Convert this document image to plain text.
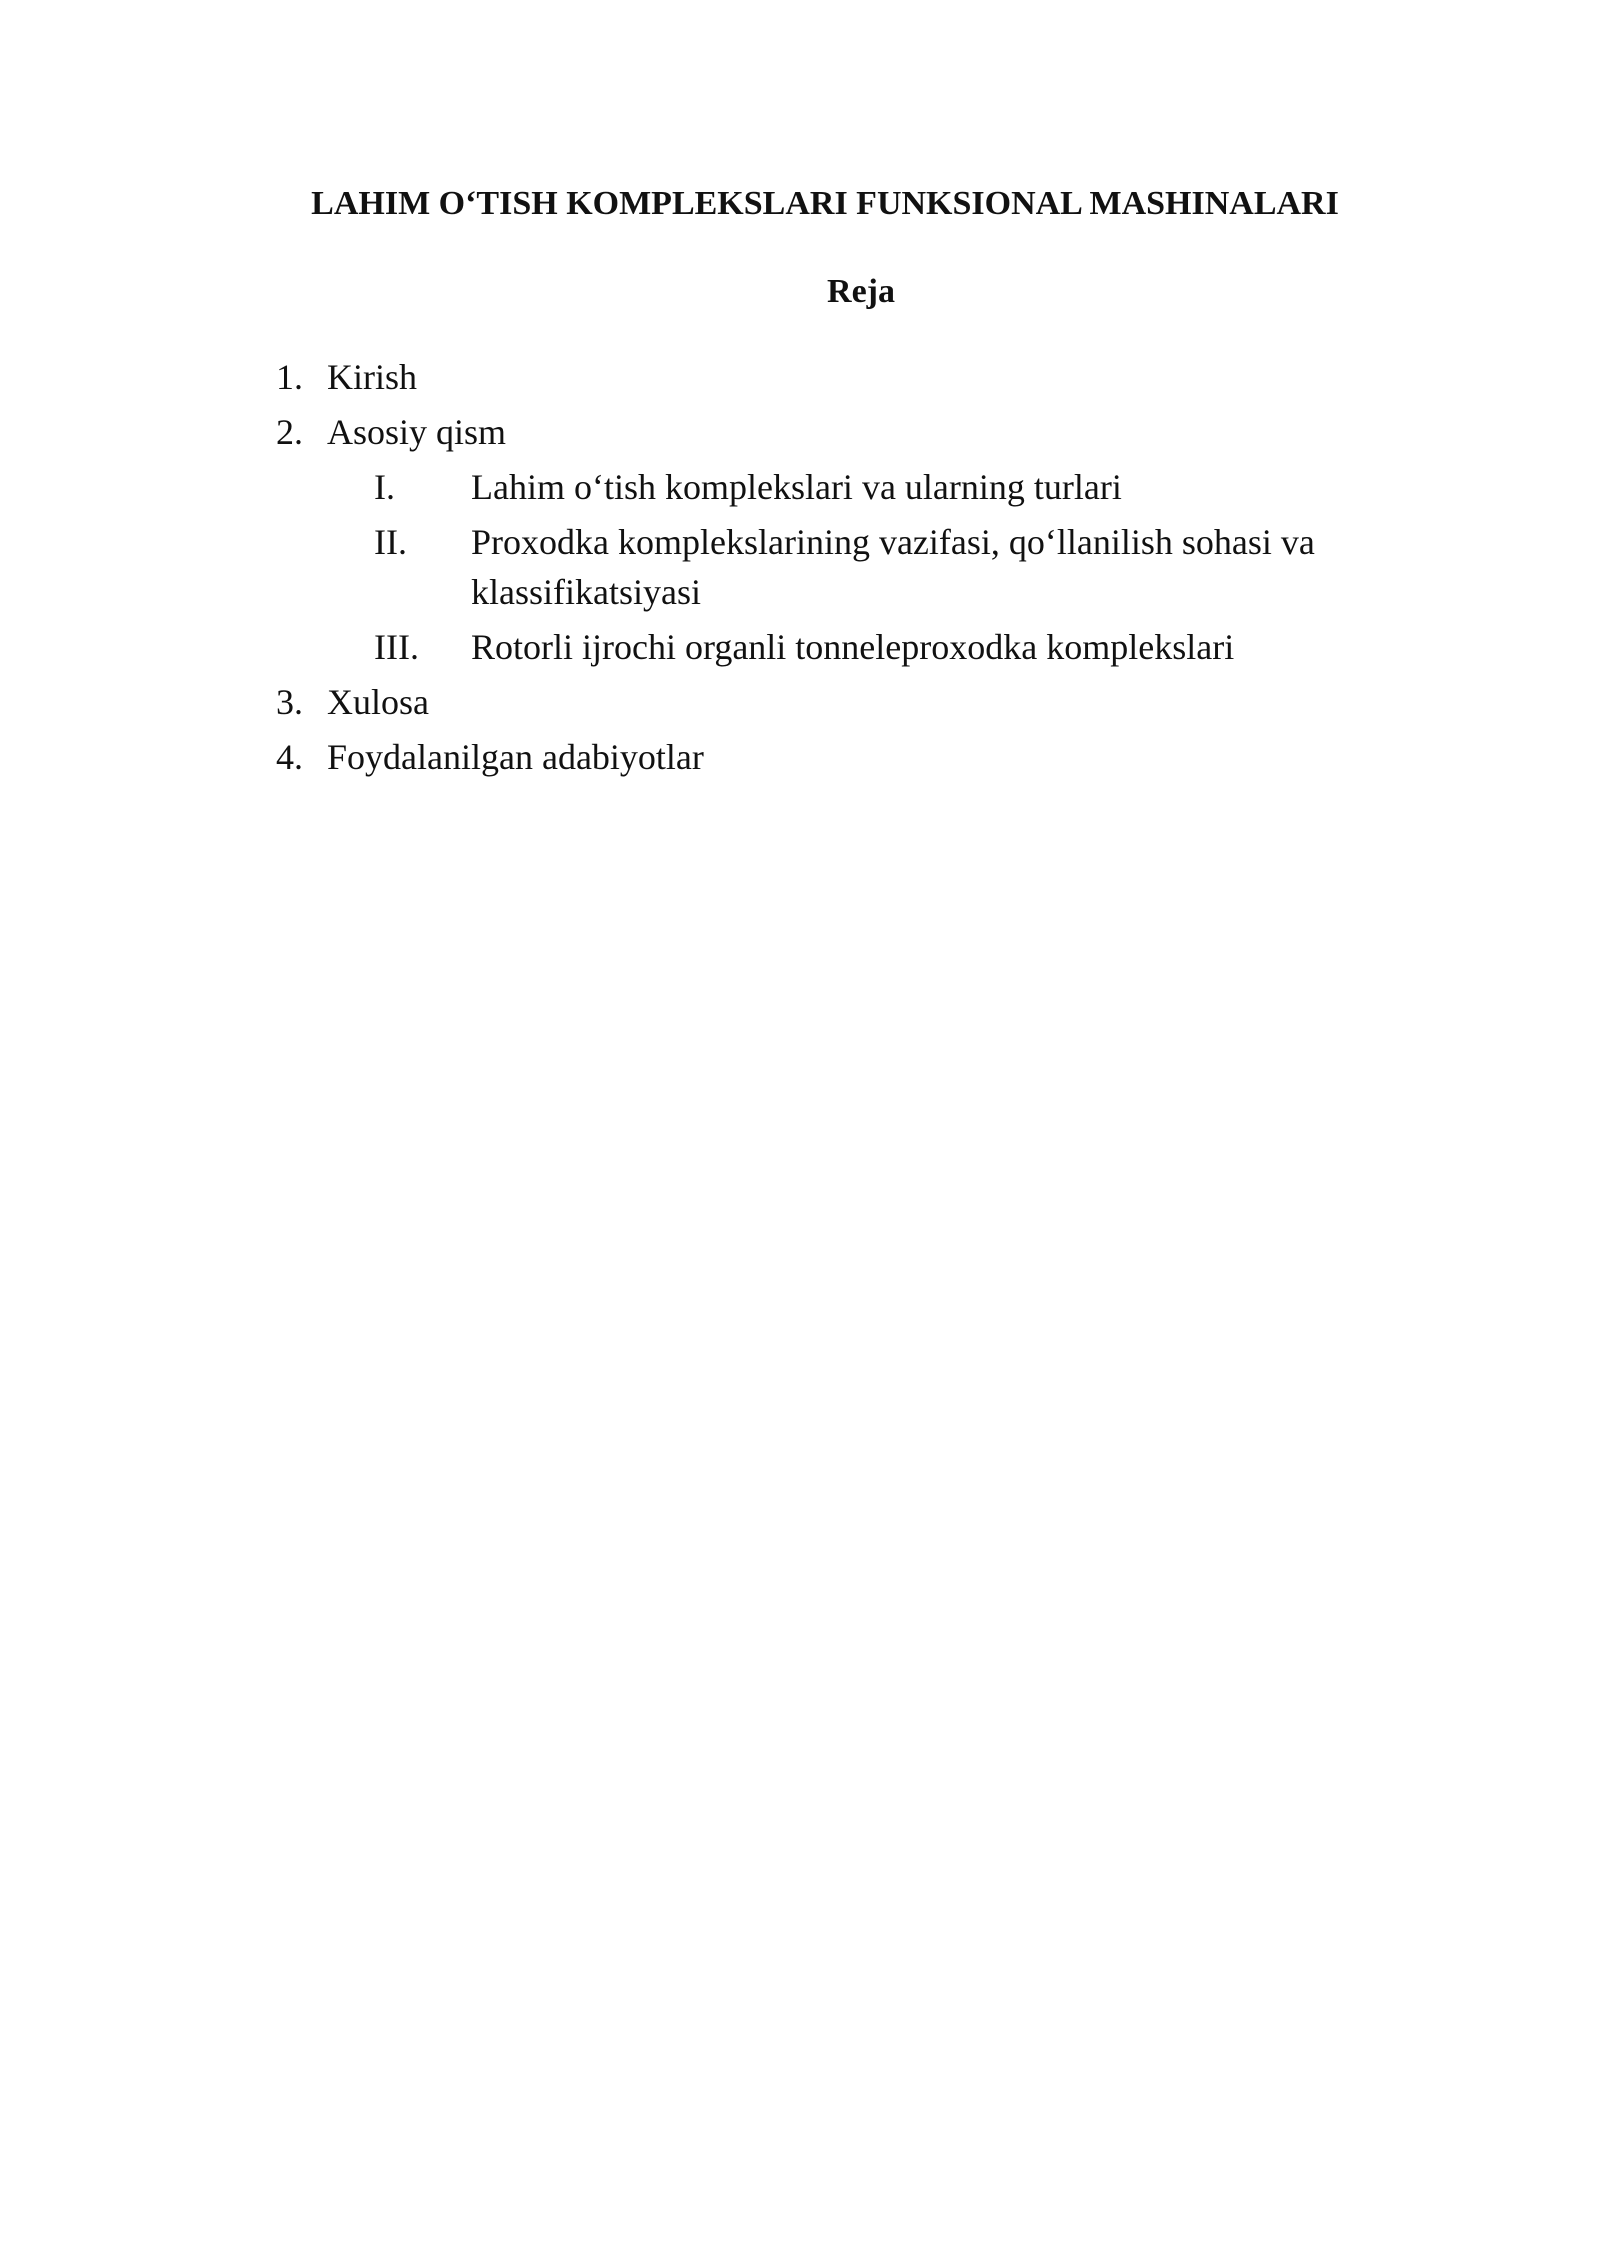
LAHIM O‘TISH KOMPLEKSLARI FUNKSIONAL MASHINALARI
Reja
1. Kirish
2. Asosiy qism
I. Lahim o‘tish komplekslari va ularning turlari
II. Proxodka komplekslarining vazifasi, qo‘llanilish sohasi va klassifikatsiyasi
III. Rotorli ijrochi organli tonneleproxodka komplekslari
3. Xulosa
4. Foydalanilgan adabiyotlar
